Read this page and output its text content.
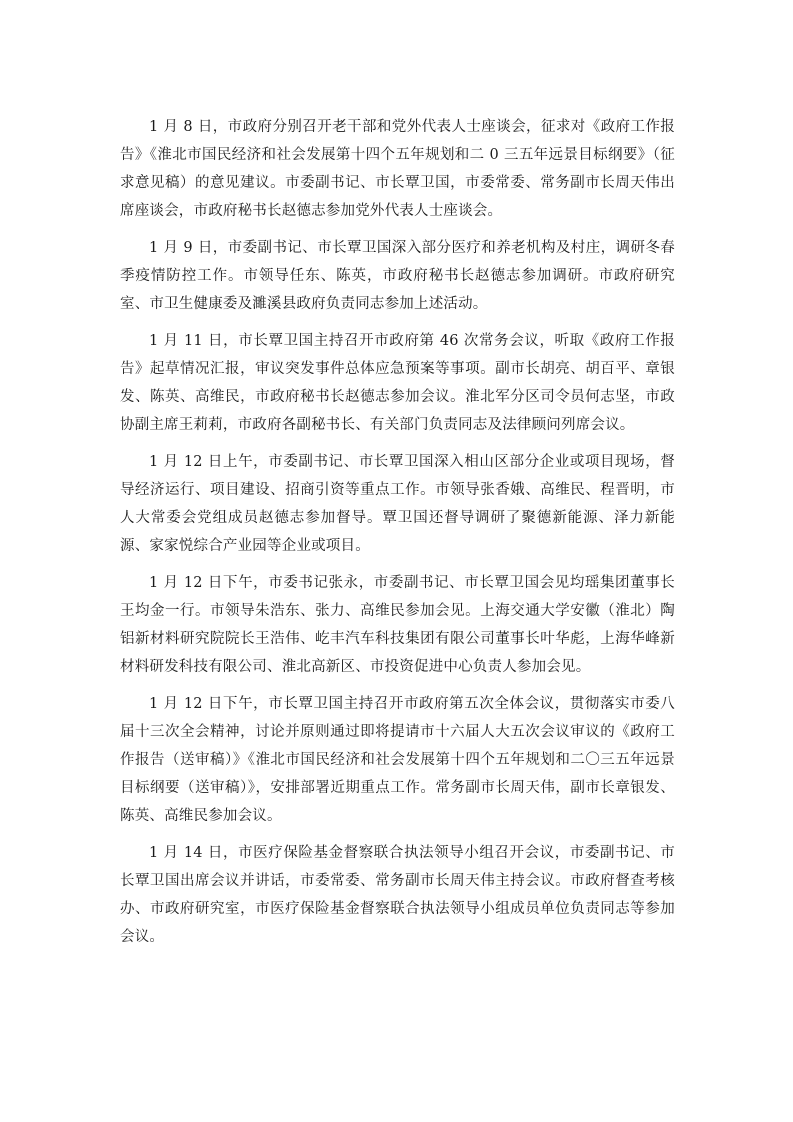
1 月 8 日，市政府分别召开老干部和党外代表人士座谈会，征求对《政府工作报告》《淮北市国民经济和社会发展第十四个五年规划和二 0 三五年远景目标纲要》（征求意见稿）的意见建议。市委副书记、市长覃卫国，市委常委、常务副市长周天伟出席座谈会，市政府秘书长赵德志参加党外代表人士座谈会。

1 月 9 日，市委副书记、市长覃卫国深入部分医疗和养老机构及村庄，调研冬春季疫情防控工作。市领导任东、陈英，市政府秘书长赵德志参加调研。市政府研究室、市卫生健康委及濉溪县政府负责同志参加上述活动。

1 月 11 日，市长覃卫国主持召开市政府第 46 次常务会议，听取《政府工作报告》起草情况汇报，审议突发事件总体应急预案等事项。副市长胡亮、胡百平、章银发、陈英、高维民，市政府秘书长赵德志参加会议。淮北军分区司令员何志坚，市政协副主席王莉莉，市政府各副秘书长、有关部门负责同志及法律顾问列席会议。

1 月 12 日上午，市委副书记、市长覃卫国深入相山区部分企业或项目现场，督导经济运行、项目建设、招商引资等重点工作。市领导张香娥、高维民、程晋明，市人大常委会党组成员赵德志参加督导。覃卫国还督导调研了聚德新能源、泽力新能源、家家悦综合产业园等企业或项目。

1 月 12 日下午，市委书记张永，市委副书记、市长覃卫国会见均瑶集团董事长王均金一行。市领导朱浩东、张力、高维民参加会见。上海交通大学安徽（淮北）陶铝新材料研究院院长王浩伟、屹丰汽车科技集团有限公司董事长叶华彪，上海华峰新材料研发科技有限公司、淮北高新区、市投资促进中心负责人参加会见。

1 月 12 日下午，市长覃卫国主持召开市政府第五次全体会议，贯彻落实市委八届十三次全会精神，讨论并原则通过即将提请市十六届人大五次会议审议的《政府工作报告（送审稿）》《淮北市国民经济和社会发展第十四个五年规划和二〇三五年远景目标纲要（送审稿）》，安排部署近期重点工作。常务副市长周天伟，副市长章银发、陈英、高维民参加会议。

1 月 14 日，市医疗保险基金督察联合执法领导小组召开会议，市委副书记、市长覃卫国出席会议并讲话，市委常委、常务副市长周天伟主持会议。市政府督查考核办、市政府研究室，市医疗保险基金督察联合执法领导小组成员单位负责同志等参加会议。
